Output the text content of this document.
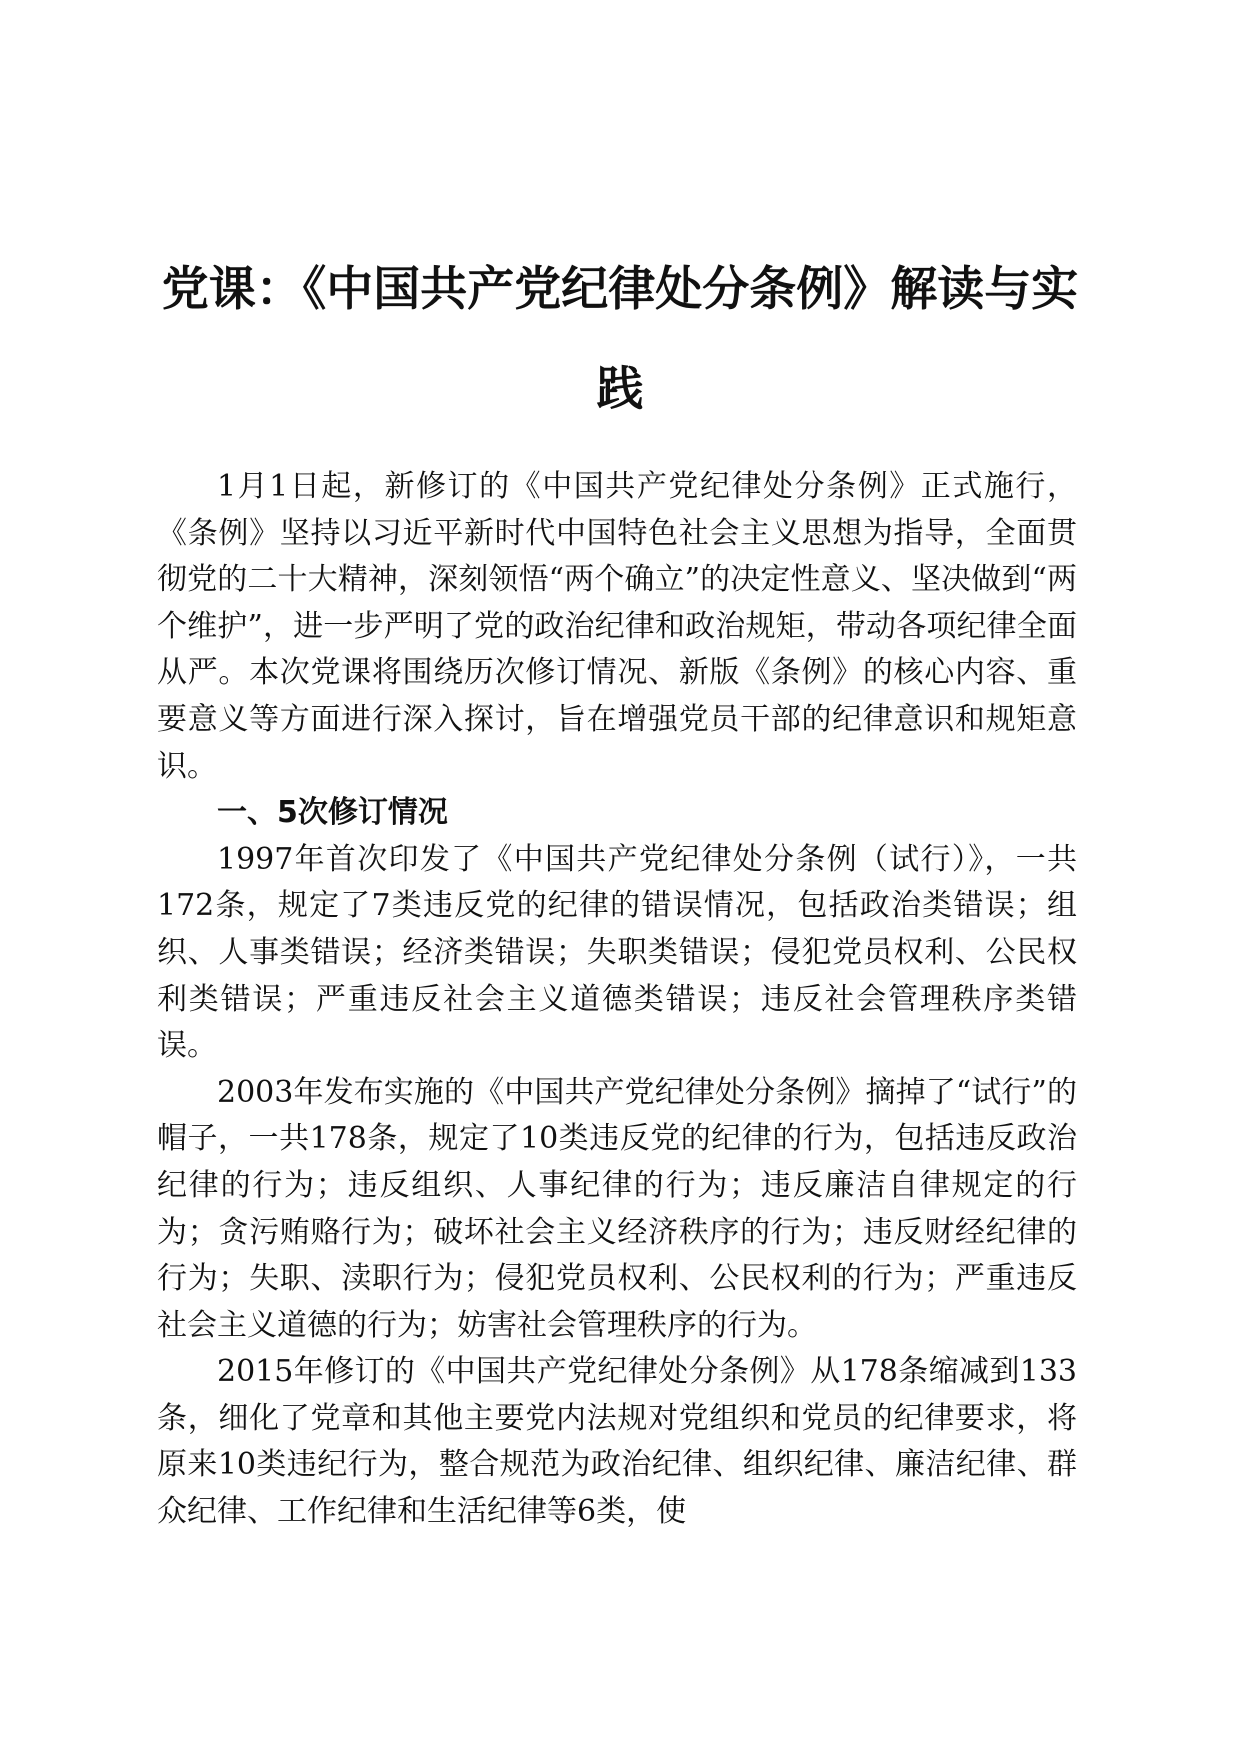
党课：《中国共产党纪律处分条例》解读与实践

1月1日起，新修订的《中国共产党纪律处分条例》正式施行，《条例》坚持以习近平新时代中国特色社会主义思想为指导，全面贯彻党的二十大精神，深刻领悟“两个确立”的决定性意义、坚决做到“两个维护”，进一步严明了党的政治纪律和政治规矩，带动各项纪律全面从严。本次党课将围绕历次修订情况、新版《条例》的核心内容、重要意义等方面进行深入探讨，旨在增强党员干部的纪律意识和规矩意识。

一、5次修订情况

1997年首次印发了《中国共产党纪律处分条例（试行）》，一共172条，规定了7类违反党的纪律的错误情况，包括政治类错误；组织、人事类错误；经济类错误；失职类错误；侵犯党员权利、公民权利类错误；严重违反社会主义道德类错误；违反社会管理秩序类错误。

2003年发布实施的《中国共产党纪律处分条例》摘掉了“试行”的帽子，一共178条，规定了10类违反党的纪律的行为，包括违反政治纪律的行为；违反组织、人事纪律的行为；违反廉洁自律规定的行为；贪污贿赂行为；破坏社会主义经济秩序的行为；违反财经纪律的行为；失职、渎职行为；侵犯党员权利、公民权利的行为；严重违反社会主义道德的行为；妨害社会管理秩序的行为。

2015年修订的《中国共产党纪律处分条例》从178条缩减到133条，细化了党章和其他主要党内法规对党组织和党员的纪律要求，将原来10类违纪行为，整合规范为政治纪律、组织纪律、廉洁纪律、群众纪律、工作纪律和生活纪律等6类，使
